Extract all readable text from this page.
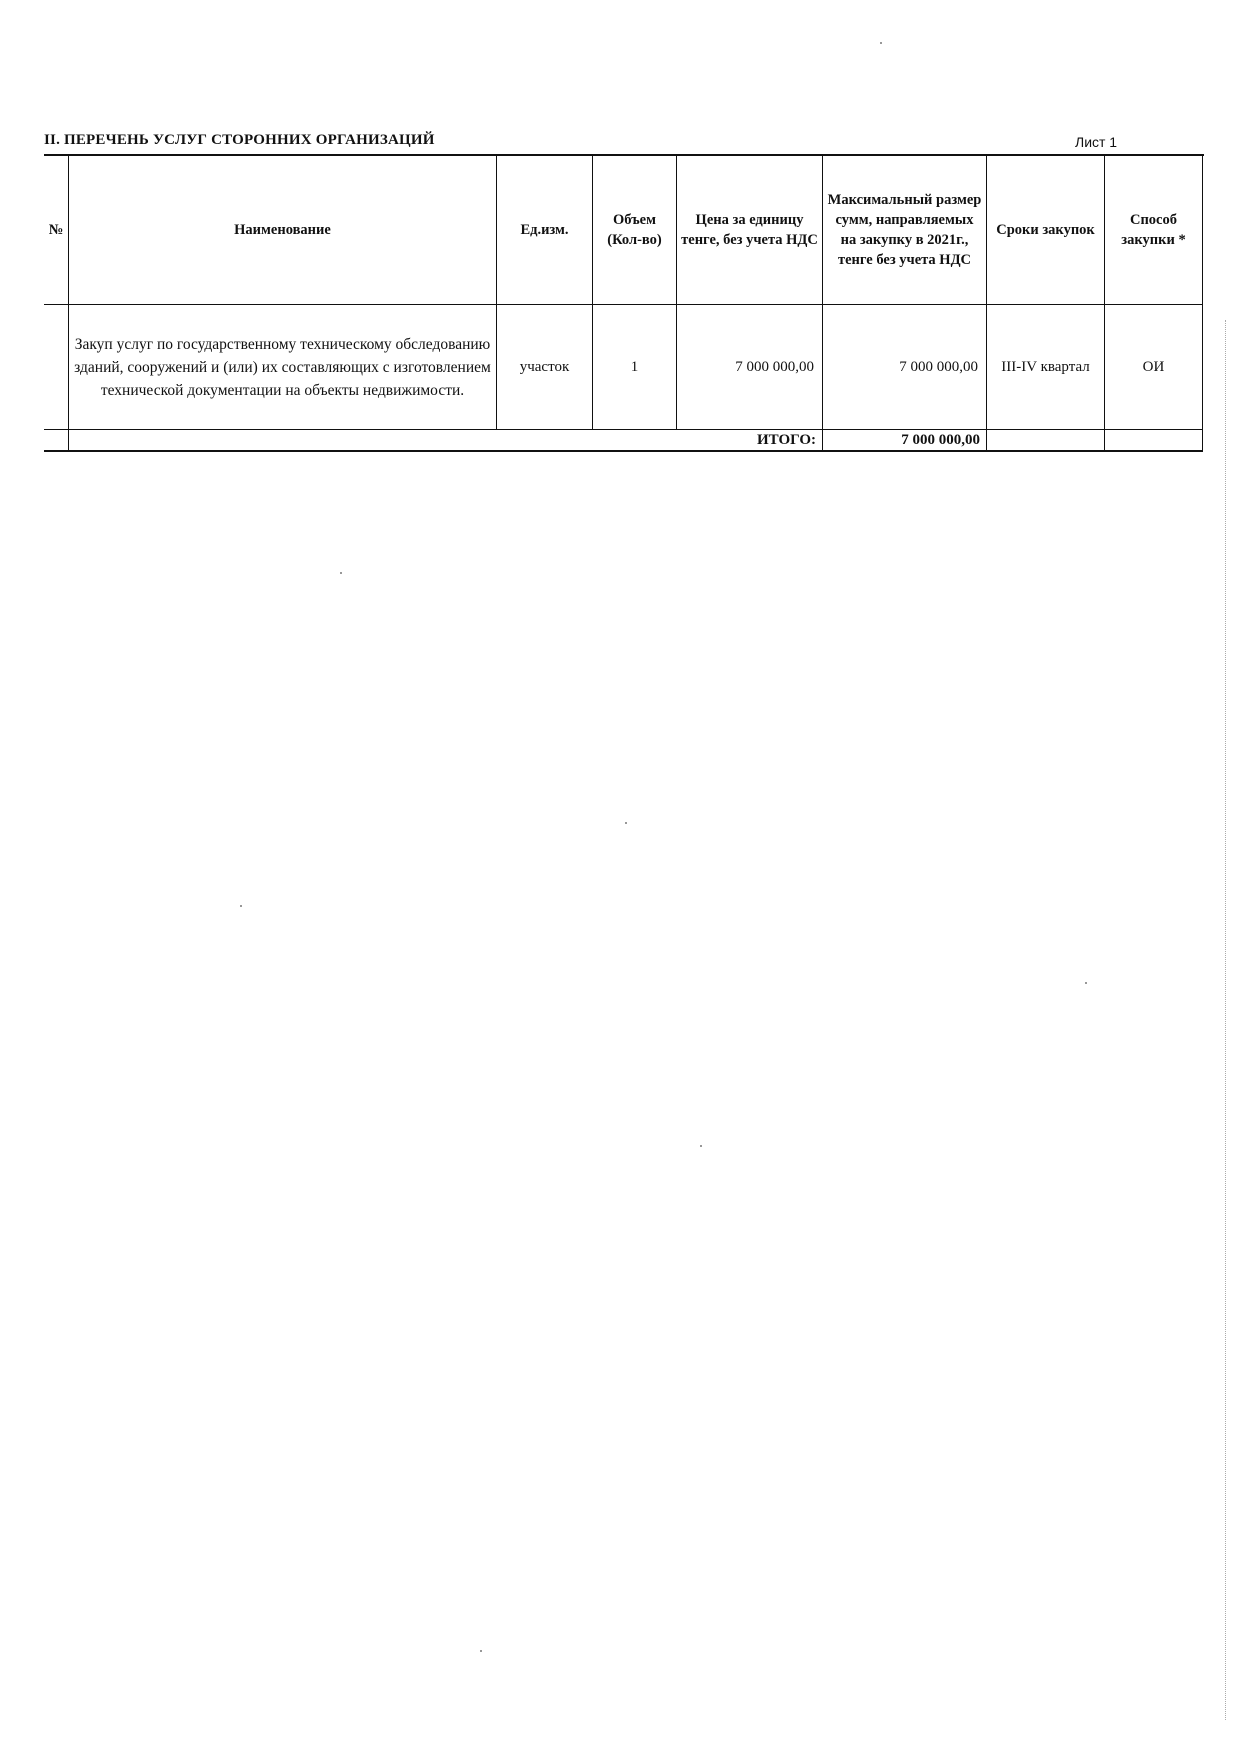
II. ПЕРЕЧЕНЬ УСЛУГ СТОРОННИХ ОРГАНИЗАЦИЙ	Лист 1
№	Наименование	Ед.изм.	Объем (Кол-во)	Цена за единицу тенге, без учета НДС	Максимальный размер сумм, направляемых на закупку в 2021г., тенге без учета НДС	Сроки закупок	Способ закупки *
	Закуп услуг по государственному техническому обследованию зданий, сооружений и (или) их составляющих с изготовлением технической документации на объекты недвижимости.	участок	1	7 000 000,00	7 000 000,00	III-IV квартал	ОИ
	ИТОГО:				7 000 000,00		
